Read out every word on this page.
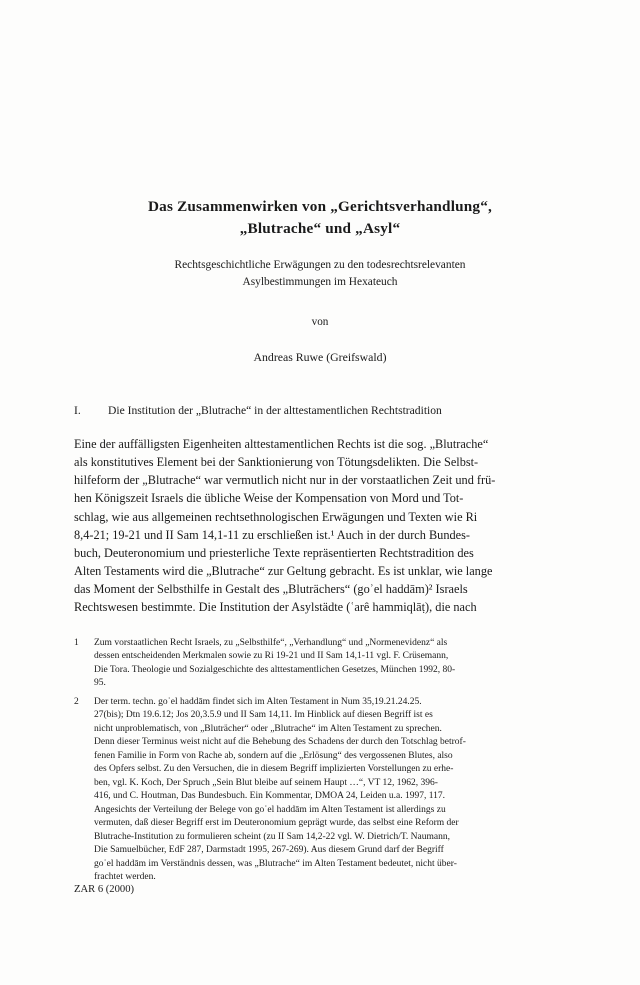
Das Zusammenwirken von „Gerichtsverhandlung“,
„Blutrache“ und „Asyl“
Rechtsgeschichtliche Erwägungen zu den todesrechtsrelevanten
Asylbestimmungen im Hexateuch
von
Andreas Ruwe (Greifswald)
I.	Die Institution der „Blutrache“ in der alttestamentlichen Rechtstradition
Eine der auffälligsten Eigenheiten alttestamentlichen Rechts ist die sog. „Blutrache“
als konstitutives Element bei der Sanktionierung von Tötungsdelikten. Die Selbst-
hilfeform der „Blutrache“ war vermutlich nicht nur in der vorstaatlichen Zeit und frü-
hen Königszeit Israels die übliche Weise der Kompensation von Mord und Tot-
schlag, wie aus allgemeinen rechtsethnologischen Erwägungen und Texten wie Ri
8,4-21; 19-21 und II Sam 14,1-11 zu erschließen ist.¹ Auch in der durch Bundes-
buch, Deuteronomium und priesterliche Texte repräsentierten Rechtstradition des
Alten Testaments wird die „Blutrache“ zur Geltung gebracht. Es ist unklar, wie lange
das Moment der Selbsthilfe in Gestalt des „Bluträchers“ (goʾel haddām)² Israels
Rechtswesen bestimmte. Die Institution der Asylstädte (ʿarê hammiqlāṭ), die nach
1	Zum vorstaatlichen Recht Israels, zu „Selbsthilfe“, „Verhandlung“ und „Normenevidenz“ als
dessen entscheidenden Merkmalen sowie zu Ri 19-21 und II Sam 14,1-11 vgl. F. Crüsemann,
Die Tora. Theologie und Sozialgeschichte des alttestamentlichen Gesetzes, München 1992, 80-
95.
2	Der term. techn. goʾel haddām findet sich im Alten Testament in Num 35,19.21.24.25.
27(bis); Dtn 19.6.12; Jos 20,3.5.9 und II Sam 14,11. Im Hinblick auf diesen Begriff ist es
nicht unproblematisch, von „Bluträcher“ oder „Blutrache“ im Alten Testament zu sprechen.
Denn dieser Terminus weist nicht auf die Behebung des Schadens der durch den Totschlag betrof-
fenen Familie in Form von Rache ab, sondern auf die „Erlösung“ des vergossenen Blutes, also
des Opfers selbst. Zu den Versuchen, die in diesem Begriff implizierten Vorstellungen zu erhe-
ben, vgl. K. Koch, Der Spruch „Sein Blut bleibe auf seinem Haupt …“, VT 12, 1962, 396-
416, und C. Houtman, Das Bundesbuch. Ein Kommentar, DMOA 24, Leiden u.a. 1997, 117.
Angesichts der Verteilung der Belege von goʾel haddām im Alten Testament ist allerdings zu
vermuten, daß dieser Begriff erst im Deuteronomium geprägt wurde, das selbst eine Reform der
Blutrache-Institution zu formulieren scheint (zu II Sam 14,2-22 vgl. W. Dietrich/T. Naumann,
Die Samuelbücher, EdF 287, Darmstadt 1995, 267-269). Aus diesem Grund darf der Begriff
goʾel haddām im Verständnis dessen, was „Blutrache“ im Alten Testament bedeutet, nicht über-
frachtet werden.
ZAR 6 (2000)
